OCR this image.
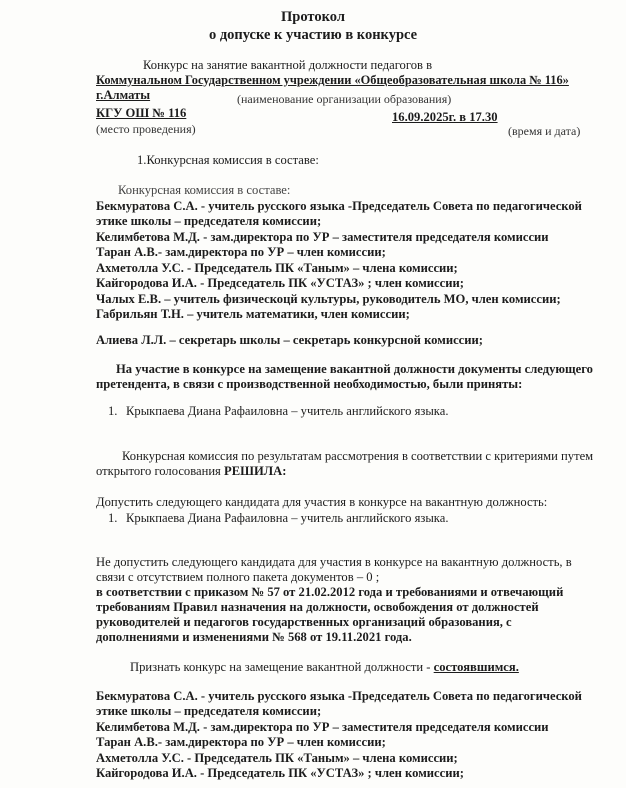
Протокол
о допуске к участию в конкурсе
Конкурс на занятие вакантной должности педагогов в
Коммунальном Государственном учреждении «Общеобразовательная школа № 116»
г.Алматы	(наименование организации образования)
КГУ ОШ № 116	16.09.2025г. в 17.30
(место проведения)	(время и дата)
1.Конкурсная комиссия в составе:
Конкурсная комиссия в составе:
Бекмуратова С.А. - учитель русского языка -Председатель Совета по педагогической
этике школы – председателя комиссии;
Келимбетова М.Д. - зам.директора по УР – заместителя председателя комиссии
Таран А.В.- зам.директора по УР – член комиссии;
Ахметолла У.С. - Председатель ПК «Таным» – члена комиссии;
Кайгородова И.А. - Председатель ПК «УСТАЗ» ; член комиссии;
Чалых Е.В. – учитель физическоцй культуры, руководитель МО, член комиссии;
Габрильян Т.Н. – учитель математики, член комиссии;
Алиева Л.Л. – секретарь школы – секретарь конкурсной комиссии;
На участие в конкурсе на замещение вакантной должности документы следующего
претендента, в связи с производственной необходимостью, были приняты:
1. Крыкпаева Диана Рафаиловна – учитель английского языка.
Конкурсная комиссия по результатам рассмотрения в соответствии с критериями путем
открытого голосования РЕШИЛА:
Допустить следующего кандидата для участия в конкурсе на вакантную должность:
1. Крыкпаева Диана Рафаиловна – учитель английского языка.
Не допустить следующего кандидата для участия в конкурсе на вакантную должность, в
связи с отсутствием полного пакета документов – 0 ;
в соответствии с приказом № 57 от 21.02.2012 года и требованиями и отвечающий
требованиям Правил назначения на должности, освобождения от должностей
руководителей и педагогов государственных организаций образования, с
дополнениями и изменениями № 568 от 19.11.2021 года.
Признать конкурс на замещение вакантной должности - состоявшимся.
Бекмуратова С.А. - учитель русского языка -Председатель Совета по педагогической
этике школы – председателя комиссии;
Келимбетова М.Д. - зам.директора по УР – заместителя председателя комиссии
Таран А.В.- зам.директора по УР – член комиссии;
Ахметолла У.С. - Председатель ПК «Таным» – члена комиссии;
Кайгородова И.А. - Председатель ПК «УСТАЗ» ; член комиссии;
